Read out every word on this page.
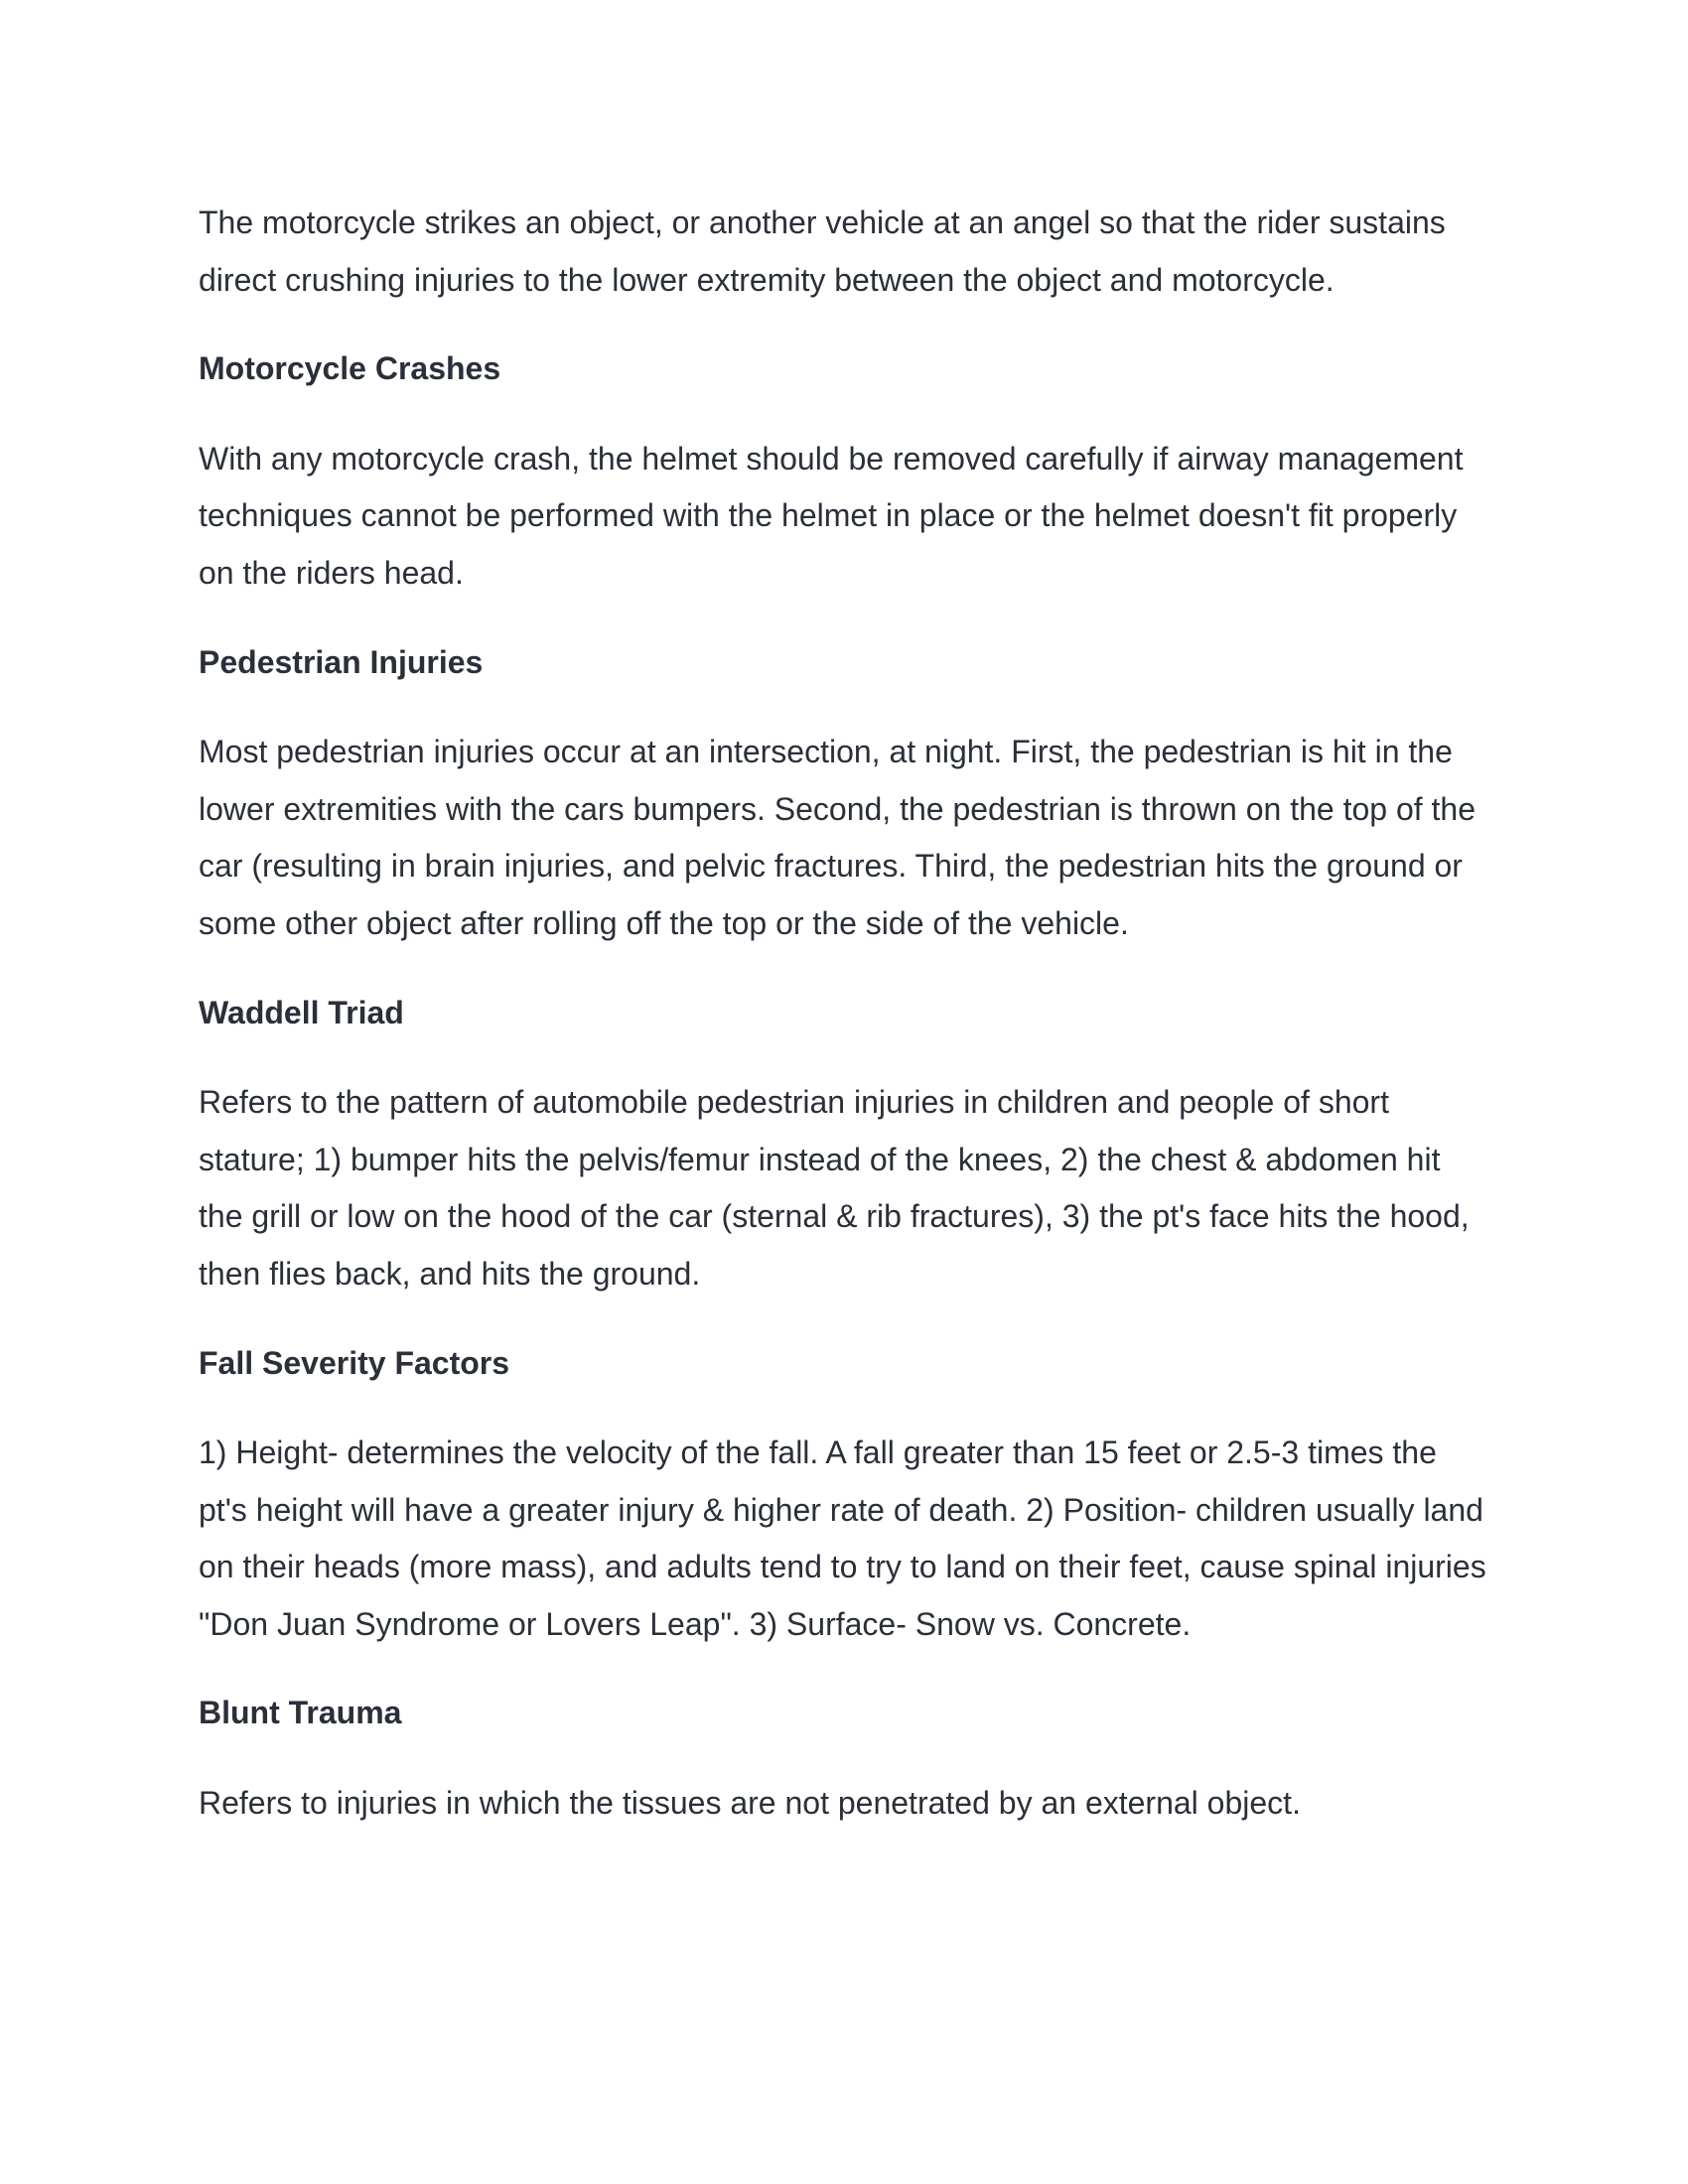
The motorcycle strikes an object, or another vehicle at an angel so that the rider sustains direct crushing injuries to the lower extremity between the object and motorcycle.

Motorcycle Crashes

With any motorcycle crash, the helmet should be removed carefully if airway management techniques cannot be performed with the helmet in place or the helmet doesn't fit properly on the riders head.

Pedestrian Injuries

Most pedestrian injuries occur at an intersection, at night. First, the pedestrian is hit in the lower extremities with the cars bumpers. Second, the pedestrian is thrown on the top of the car (resulting in brain injuries, and pelvic fractures. Third, the pedestrian hits the ground or some other object after rolling off the top or the side of the vehicle.

Waddell Triad

Refers to the pattern of automobile pedestrian injuries in children and people of short stature; 1) bumper hits the pelvis/femur instead of the knees, 2) the chest & abdomen hit the grill or low on the hood of the car (sternal & rib fractures), 3) the pt's face hits the hood, then flies back, and hits the ground.

Fall Severity Factors

1) Height- determines the velocity of the fall. A fall greater than 15 feet or 2.5-3 times the pt's height will have a greater injury & higher rate of death. 2) Position- children usually land on their heads (more mass), and adults tend to try to land on their feet, cause spinal injuries "Don Juan Syndrome or Lovers Leap". 3) Surface- Snow vs. Concrete.

Blunt Trauma

Refers to injuries in which the tissues are not penetrated by an external object.
